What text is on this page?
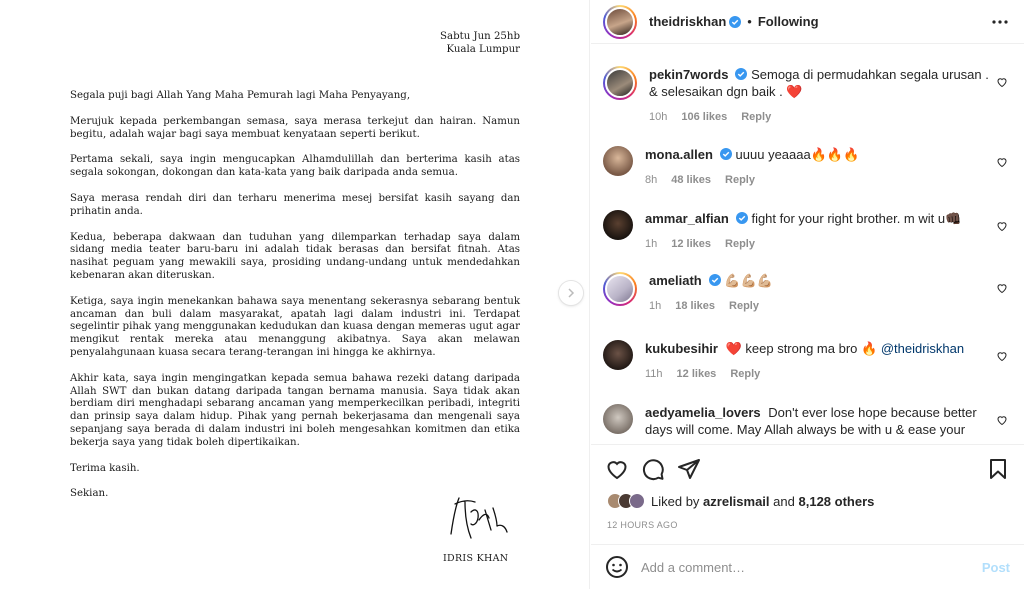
Sabtu Jun 25hb
Kuala Lumpur

Segala puji bagi Allah Yang Maha Pemurah lagi Maha Penyayang,

Merujuk kepada perkembangan semasa, saya merasa terkejut dan hairan. Namun begitu, adalah wajar bagi saya membuat kenyataan seperti berikut.

Pertama sekali, saya ingin mengucapkan Alhamdulillah dan berterima kasih atas segala sokongan, dokongan dan kata-kata yang baik daripada anda semua.

Saya merasa rendah diri dan terharu menerima mesej bersifat kasih sayang dan prihatin anda.

Kedua, beberapa dakwaan dan tuduhan yang dilemparkan terhadap saya dalam sidang media teater baru-baru ini adalah tidak berasas dan bersifat fitnah. Atas nasihat peguam yang mewakili saya, prosiding undang-undang untuk mendedahkan kebenaran akan diteruskan.

Ketiga, saya ingin menekankan bahawa saya menentang sekerasnya sebarang bentuk ancaman dan buli dalam masyarakat, apatah lagi dalam industri ini. Terdapat segelintir pihak yang menggunakan kedudukan dan kuasa dengan memeras ugut agar mengikut rentak mereka atau menanggung akibatnya. Saya akan melawan penyalahgunaan kuasa secara terang-terangan ini hingga ke akhirnya.

Akhir kata, saya ingin mengingatkan kepada semua bahawa rezeki datang daripada Allah SWT dan bukan datang daripada tangan bernama manusia. Saya tidak akan berdiam diri menghadapi sebarang ancaman yang memperkecilkan peribadi, integriti dan prinsip saya dalam hidup. Pihak yang pernah bekerjasama dan mengenali saya sepanjang saya berada di dalam industri ini boleh mengesahkan komitmen dan etika bekerja saya yang tidak boleh dipertikaikan.

Terima kasih.

Sekian.

IDRIS KHAN
theidriskhan • Following
pekin7words Semoga di permudahkan segala urusan . & selesaikan dgn baik . ❤️
10h 106 likes Reply
mona.allen uuuu yeaaaa🔥🔥🔥
8h 48 likes Reply
ammar_alfian fight for your right brother. m wit u👊🏿
1h 12 likes Reply
ameliath 💪🏼💪🏼💪🏼
1h 18 likes Reply
kukubesihir ❤️ keep strong ma bro 🔥 @theidriskhan
11h 12 likes Reply
aedyamelia_lovers Don't ever lose hope because better days will come. May Allah always be with u & ease your
Liked by
azrelismail
and
8,128 others
12 HOURS AGO
Add a comment…
Post
